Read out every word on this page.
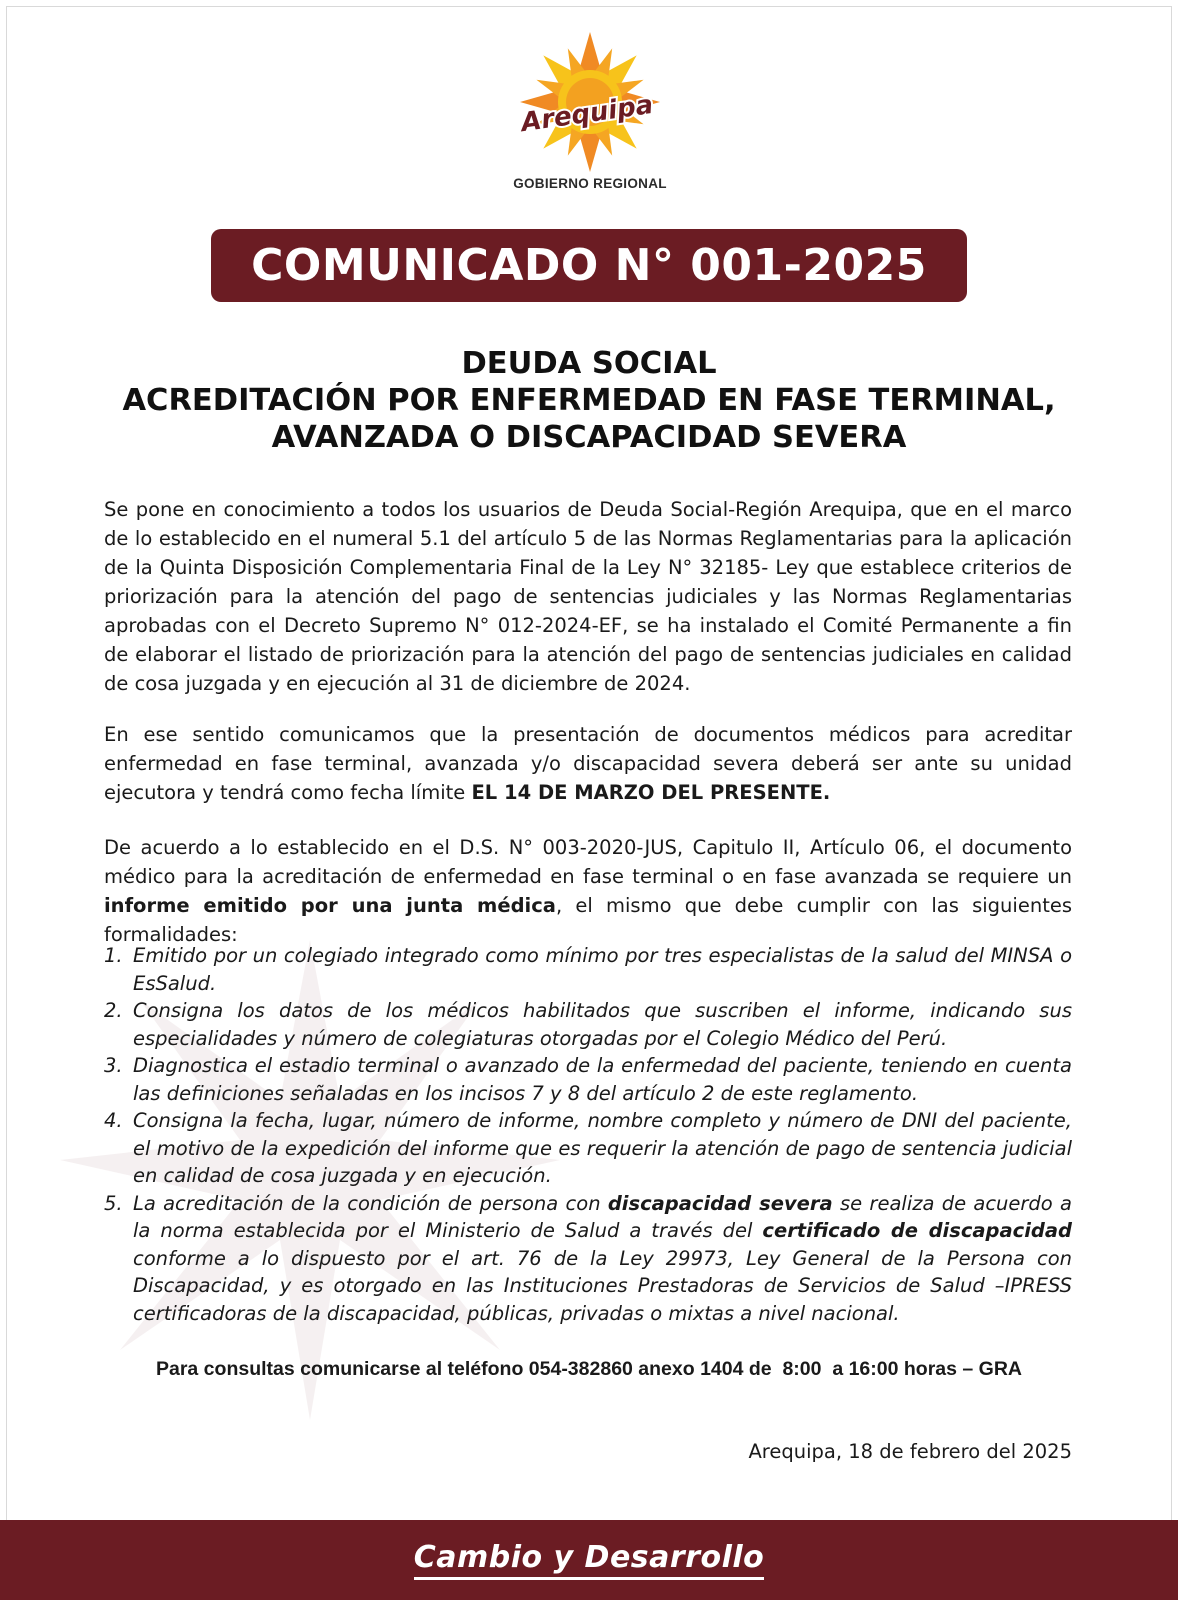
Arequipa
GOBIERNO REGIONAL
COMUNICADO N° 001-2025
DEUDA SOCIAL
ACREDITACIÓN POR ENFERMEDAD EN FASE TERMINAL,
AVANZADA O DISCAPACIDAD SEVERA

Se pone en conocimiento a todos los usuarios de Deuda Social-Región Arequipa, que en el marco de lo establecido en el numeral 5.1 del artículo 5 de las Normas Reglamentarias para la aplicación de la Quinta Disposición Complementaria Final de la Ley N° 32185- Ley que establece criterios de priorización para la atención del pago de sentencias judiciales y las Normas Reglamentarias aprobadas con el Decreto Supremo N° 012-2024-EF, se ha instalado el Comité Permanente a fin de elaborar el listado de priorización para la atención del pago de sentencias judiciales en calidad de cosa juzgada y en ejecución al 31 de diciembre de 2024.

En ese sentido comunicamos que la presentación de documentos médicos para acreditar enfermedad en fase terminal, avanzada y/o discapacidad severa deberá ser ante su unidad ejecutora y tendrá como fecha límite EL 14 DE MARZO DEL PRESENTE.

De acuerdo a lo establecido en el D.S. N° 003-2020-JUS, Capitulo II, Artículo 06, el documento médico para la acreditación de enfermedad en fase terminal o en fase avanzada se requiere un informe emitido por una junta médica, el mismo que debe cumplir con las siguientes formalidades:

1. Emitido por un colegiado integrado como mínimo por tres especialistas de la salud del MINSA o EsSalud.
2. Consigna los datos de los médicos habilitados que suscriben el informe, indicando sus especialidades y número de colegiaturas otorgadas por el Colegio Médico del Perú.
3. Diagnostica el estadio terminal o avanzado de la enfermedad del paciente, teniendo en cuenta las definiciones señaladas en los incisos 7 y 8 del artículo 2 de este reglamento.
4. Consigna la fecha, lugar, número de informe, nombre completo y número de DNI del paciente, el motivo de la expedición del informe que es requerir la atención de pago de sentencia judicial en calidad de cosa juzgada y en ejecución.
5. La acreditación de la condición de persona con discapacidad severa se realiza de acuerdo a la norma establecida por el Ministerio de Salud a través del certificado de discapacidad conforme a lo dispuesto por el art. 76 de la Ley 29973, Ley General de la Persona con Discapacidad, y es otorgado en las Instituciones Prestadoras de Servicios de Salud –IPRESS certificadoras de la discapacidad, públicas, privadas o mixtas a nivel nacional.
Para consultas comunicarse al teléfono 054-382860 anexo 1404 de  8:00  a 16:00 horas – GRA
Arequipa, 18 de febrero del 2025
Cambio y Desarrollo
